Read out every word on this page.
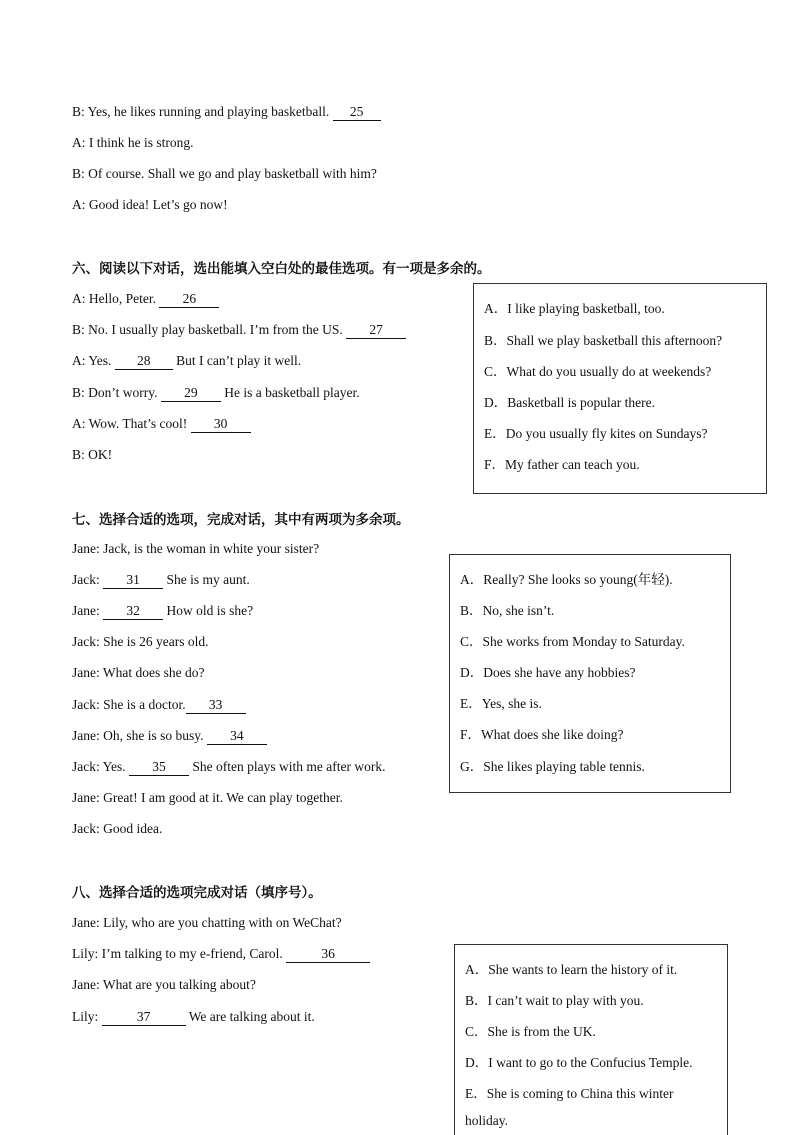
B: Yes, he likes running and playing basketball. 25
A: I think he is strong.
B: Of course. Shall we go and play basketball with him?
A: Good idea! Let’s go now!
六、阅读以下对话，选出能填入空白处的最佳选项。有一项是多余的。
A: Hello, Peter. 26
B: No. I usually play basketball. I’m from the US. 27
A: Yes. 28 But I can’t play it well.
B: Don’t worry. 29 He is a basketball player.
A: Wow. That’s cool! 30
B: OK!
A．I like playing basketball, too.
B．Shall we play basketball this afternoon?
C．What do you usually do at weekends?
D．Basketball is popular there.
E．Do you usually fly kites on Sundays?
F．My father can teach you.
七、选择合适的选项，完成对话，其中有两项为多余项。
Jane: Jack, is the woman in white your sister?
Jack: 31 She is my aunt.
Jane: 32 How old is she?
Jack: She is 26 years old.
Jane: What does she do?
Jack: She is a doctor. 33
Jane: Oh, she is so busy. 34
Jack: Yes. 35 She often plays with me after work.
Jane: Great! I am good at it. We can play together.
Jack: Good idea.
A．Really? She looks so young(年轻).
B．No, she isn’t.
C．She works from Monday to Saturday.
D．Does she have any hobbies?
E．Yes, she is.
F．What does she like doing?
G．She likes playing table tennis.
八、选择合适的选项完成对话（填序号）。
Jane: Lily, who are you chatting with on WeChat?
Lily: I’m talking to my e-friend, Carol.	36
Jane: What are you talking about?
Lily:	37	We are talking about it.
A．She wants to learn the history of it.
B．I can’t wait to play with you.
C．She is from the UK.
D．I want to go to the Confucius Temple.
E．She is coming to China this winter
holiday.
